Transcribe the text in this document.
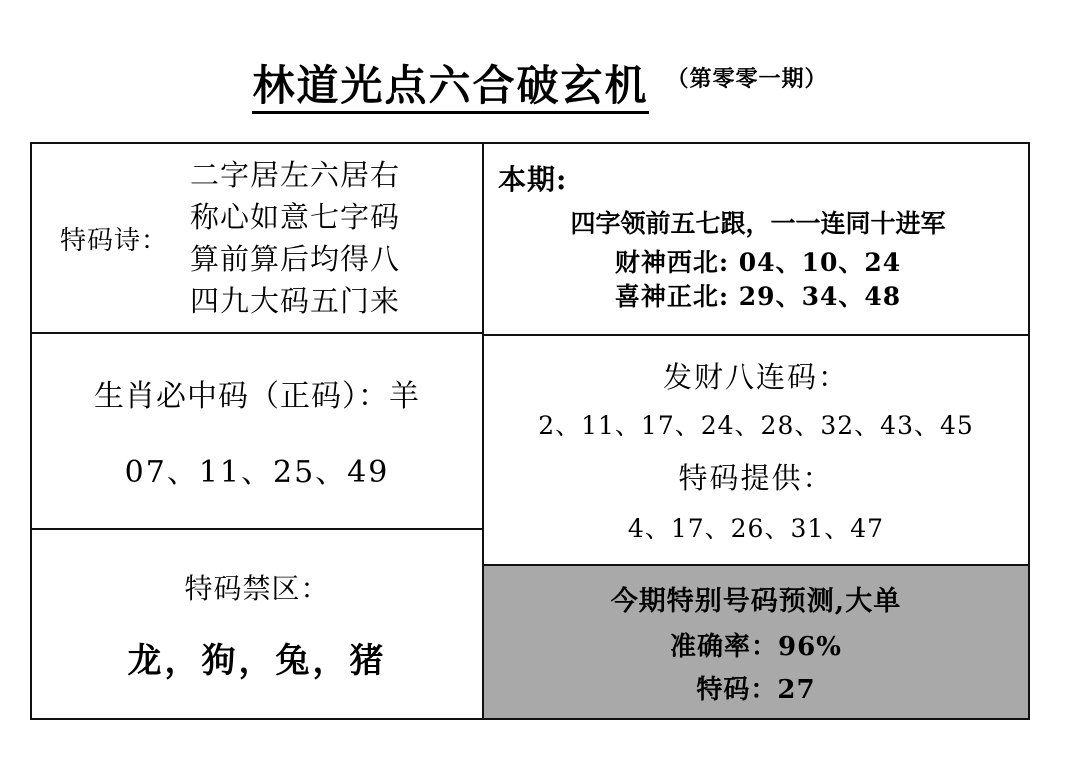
林道光点六合破玄机 （第零零一期）
特码诗：
二字居左六居右
称心如意七字码
算前算后均得八
四九大码五门来
生肖必中码（正码）：羊
07、11、25、49
特码禁区：
龙，狗，兔，猪
本期:
四字领前五七跟，一一连同十进军
财神西北: 04、10、24
喜神正北: 29、34、48
发财八连码：
2、11、17、24、28、32、43、45
特码提供：
4、17、26、31、47
今期特别号码预测,大单
准确率：96%
特码：27
